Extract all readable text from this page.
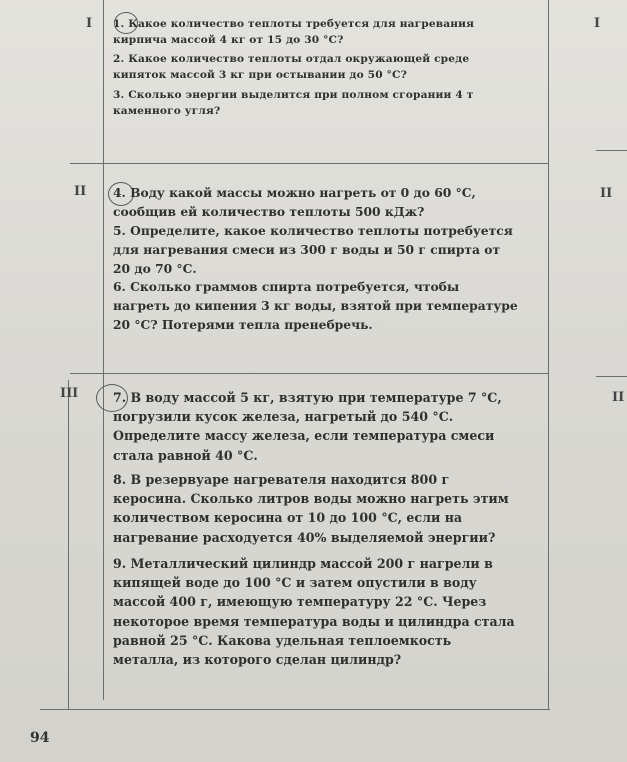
I
II
III
I
II
II
1. Какое количество теплоты требуется для нагревания кирпича массой 4 кг от 15 до 30 °С?
2. Какое количество теплоты отдал окружающей среде кипяток массой 3 кг при остывании до 50 °С?
3. Сколько энергии выделится при полном сгорании 4 т каменного угля?
4. Воду какой массы можно нагреть от 0 до 60 °С, сообщив ей количество теплоты 500 кДж?
5. Определите, какое количество теплоты потребуется для нагревания смеси из 300 г воды и 50 г спирта от 20 до 70 °С.
6. Сколько граммов спирта потребуется, чтобы нагреть до кипения 3 кг воды, взятой при температуре 20 °С? Потерями тепла пренебречь.
7. В воду массой 5 кг, взятую при температуре 7 °С, погрузили кусок железа, нагретый до 540 °С. Определите массу железа, если температура смеси стала равной 40 °С.
8. В резервуаре нагревателя находится 800 г керосина. Сколько литров воды можно нагреть этим количеством керосина от 10 до 100 °С, если на нагревание расходуется 40% выделяемой энергии?
9. Металлический цилиндр массой 200 г нагрели в кипящей воде до 100 °С и затем опустили в воду массой 400 г, имеющую температуру 22 °С. Через некоторое время температура воды и цилиндра стала равной 25 °С. Какова удельная теплоемкость металла, из которого сделан цилиндр?
94
